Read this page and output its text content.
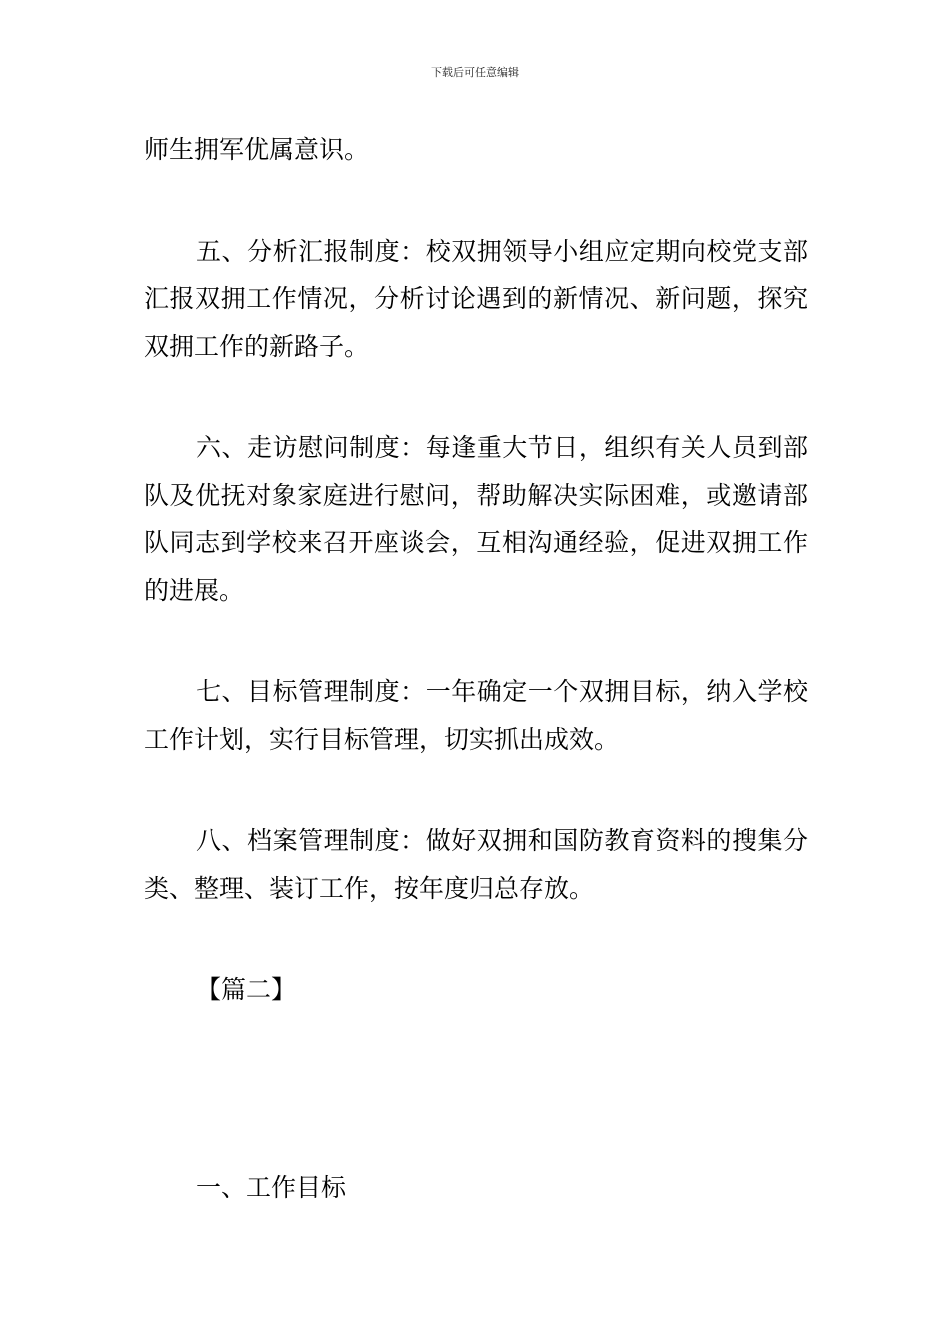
下载后可任意编辑

师生拥军优属意识。

五、分析汇报制度：校双拥领导小组应定期向校党支部汇报双拥工作情况，分析讨论遇到的新情况、新问题，探究双拥工作的新路子。

六、走访慰问制度：每逢重大节日，组织有关人员到部队及优抚对象家庭进行慰问，帮助解决实际困难，或邀请部队同志到学校来召开座谈会，互相沟通经验，促进双拥工作的进展。

七、目标管理制度：一年确定一个双拥目标，纳入学校工作计划，实行目标管理，切实抓出成效。

八、档案管理制度：做好双拥和国防教育资料的搜集分类、整理、装订工作，按年度归总存放。

【篇二】

一、工作目标
